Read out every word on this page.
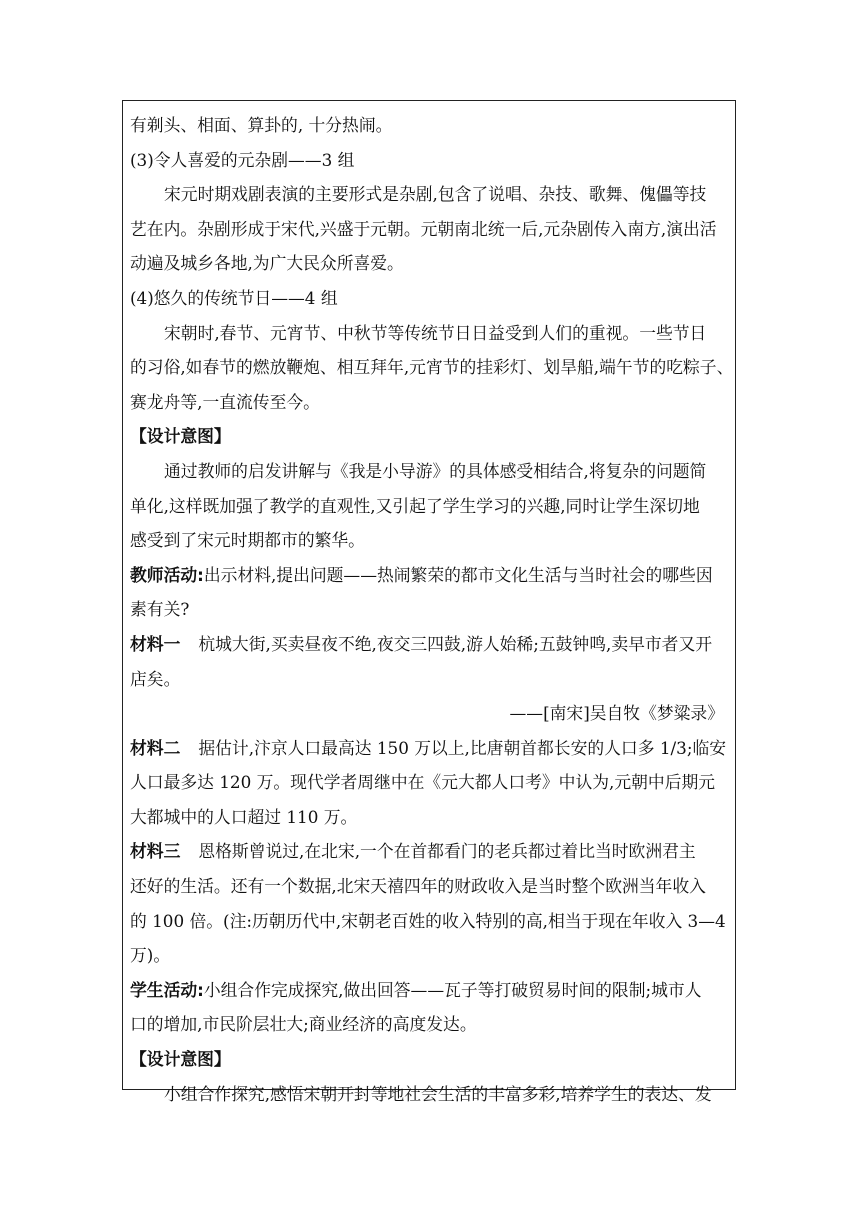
有剃头、相面、算卦的, 十分热闹。
(3)令人喜爱的元杂剧——3 组
宋元时期戏剧表演的主要形式是杂剧,包含了说唱、杂技、歌舞、傀儡等技
艺在内。杂剧形成于宋代,兴盛于元朝。元朝南北统一后,元杂剧传入南方,演出活
动遍及城乡各地,为广大民众所喜爱。
(4)悠久的传统节日——4 组
宋朝时,春节、元宵节、中秋节等传统节日日益受到人们的重视。一些节日
的习俗,如春节的燃放鞭炮、相互拜年,元宵节的挂彩灯、划旱船,端午节的吃粽子、
赛龙舟等,一直流传至今。
【设计意图】
通过教师的启发讲解与《我是小导游》的具体感受相结合,将复杂的问题简
单化,这样既加强了教学的直观性,又引起了学生学习的兴趣,同时让学生深切地
感受到了宋元时期都市的繁华。
教师活动:出示材料,提出问题——热闹繁荣的都市文化生活与当时社会的哪些因
素有关?
材料一 杭城大街,买卖昼夜不绝,夜交三四鼓,游人始稀;五鼓钟鸣,卖早市者又开
店矣。
——[南宋]吴自牧《梦粱录》
材料二 据估计,汴京人口最高达 150 万以上,比唐朝首都长安的人口多 1/3;临安
人口最多达 120 万。现代学者周继中在《元大都人口考》中认为,元朝中后期元
大都城中的人口超过 110 万。
材料三 恩格斯曾说过,在北宋,一个在首都看门的老兵都过着比当时欧洲君主
还好的生活。还有一个数据,北宋天禧四年的财政收入是当时整个欧洲当年收入
的 100 倍。(注:历朝历代中,宋朝老百姓的收入特别的高,相当于现在年收入 3—4
万)。
学生活动:小组合作完成探究,做出回答——瓦子等打破贸易时间的限制;城市人
口的增加,市民阶层壮大;商业经济的高度发达。
【设计意图】
小组合作探究,感悟宋朝开封等地社会生活的丰富多彩,培养学生的表达、发
